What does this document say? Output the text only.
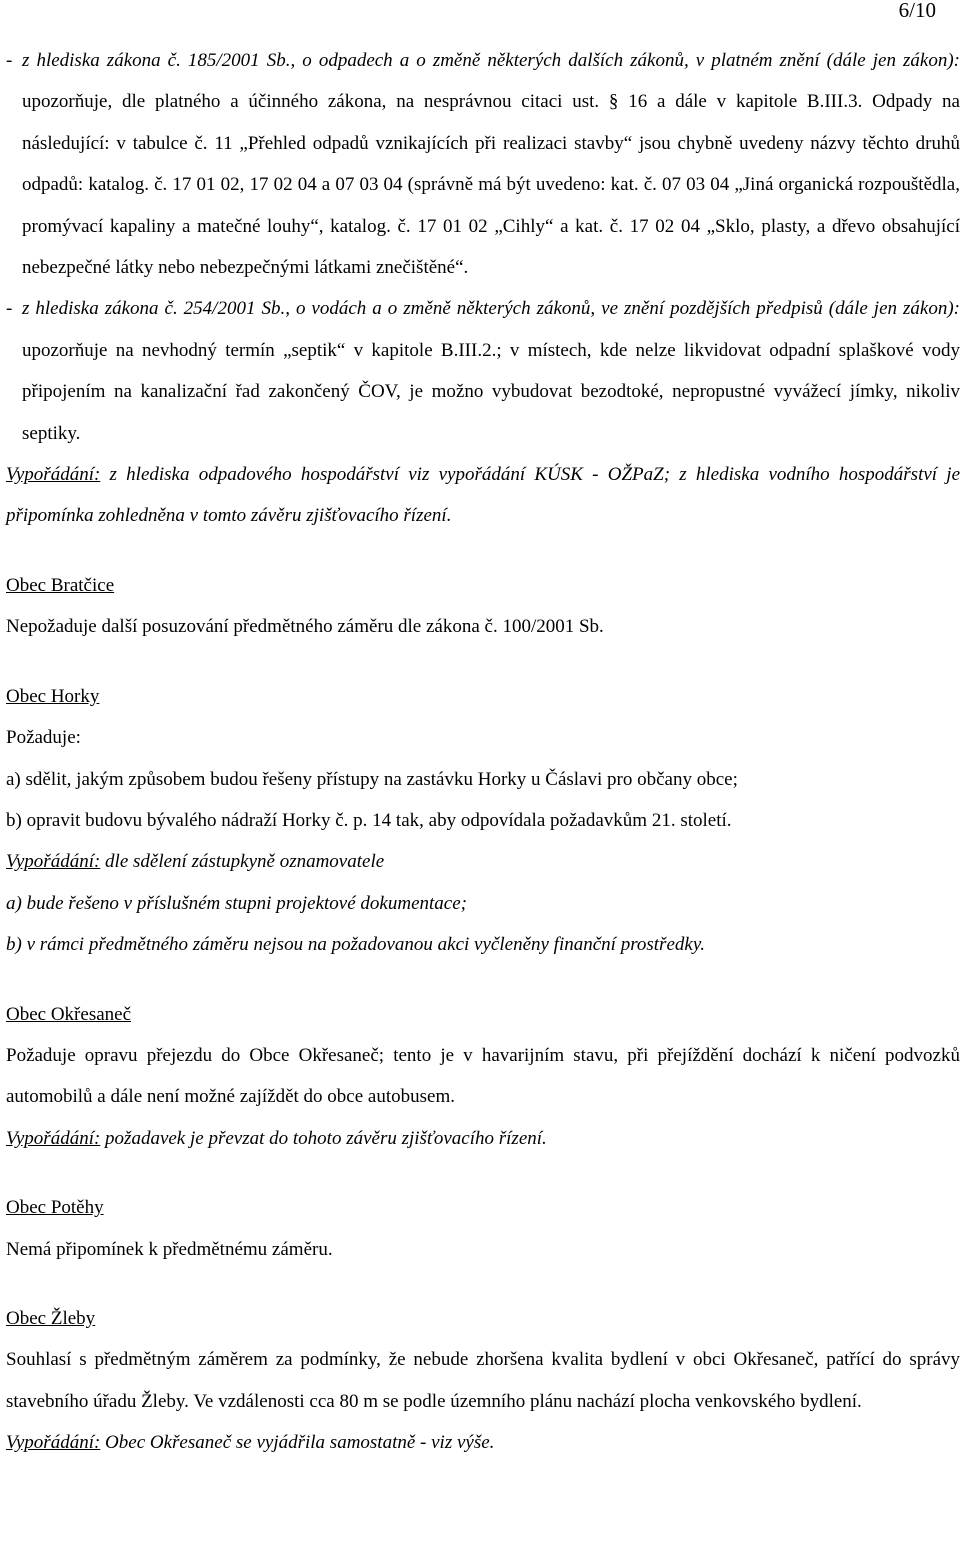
6/10
- z hlediska zákona č. 185/2001 Sb., o odpadech a o změně některých dalších zákonů, v platném znění (dále jen zákon): upozorňuje, dle platného a účinného zákona, na nesprávnou citaci ust. § 16 a dále v kapitole B.III.3. Odpady na následující: v tabulce č. 11 „Přehled odpadů vznikajících při realizaci stavby“ jsou chybně uvedeny názvy těchto druhů odpadů: katalog. č. 17 01 02, 17 02 04 a 07 03 04 (správně má být uvedeno: kat. č. 07 03 04 „Jiná organická rozpouštědla, promývací kapaliny a matečné louhy“, katalog. č. 17 01 02 „Cihly“ a kat. č. 17 02 04 „Sklo, plasty, a dřevo obsahující nebezpečné látky nebo nebezpečnými látkami znečištěné“.

- z hlediska zákona č. 254/2001 Sb., o vodách a o změně některých zákonů, ve znění pozdějších předpisů (dále jen zákon): upozorňuje na nevhodný termín „septik“ v kapitole B.III.2.; v místech, kde nelze likvidovat odpadní splaškové vody připojením na kanalizační řad zakončený ČOV, je možno vybudovat bezodtoké, nepropustné vyvážecí jímky, nikoliv septiky.

Vypořádání: z hlediska odpadového hospodářství viz vypořádání KÚSK - OŽPaZ; z hlediska vodního hospodářství je připomínka zohledněna v tomto závěru zjišťovacího řízení.

Obec Bratčice

Nepožaduje další posuzování předmětného záměru dle zákona č. 100/2001 Sb.

Obec Horky

Požaduje:

a) sdělit, jakým způsobem budou řešeny přístupy na zastávku Horky u Čáslavi pro občany obce;

b) opravit budovu bývalého nádraží Horky č. p. 14 tak, aby odpovídala požadavkům 21. století.

Vypořádání: dle sdělení zástupkyně oznamovatele

a) bude řešeno v příslušném stupni projektové dokumentace;

b) v rámci předmětného záměru nejsou na požadovanou akci vyčleněny finanční prostředky.

Obec Okřesaneč

Požaduje opravu přejezdu do Obce Okřesaneč; tento je v havarijním stavu, při přejíždění dochází k ničení podvozků automobilů a dále není možné zajíždět do obce autobusem.

Vypořádání: požadavek je převzat do tohoto závěru zjišťovacího řízení.

Obec Potěhy

Nemá připomínek k předmětnému záměru.

Obec Žleby

Souhlasí s předmětným záměrem za podmínky, že nebude zhoršena kvalita bydlení v obci Okřesaneč, patřící do správy stavebního úřadu Žleby. Ve vzdálenosti cca 80 m se podle územního plánu nachází plocha venkovského bydlení.

Vypořádání: Obec Okřesaneč se vyjádřila samostatně - viz výše.
